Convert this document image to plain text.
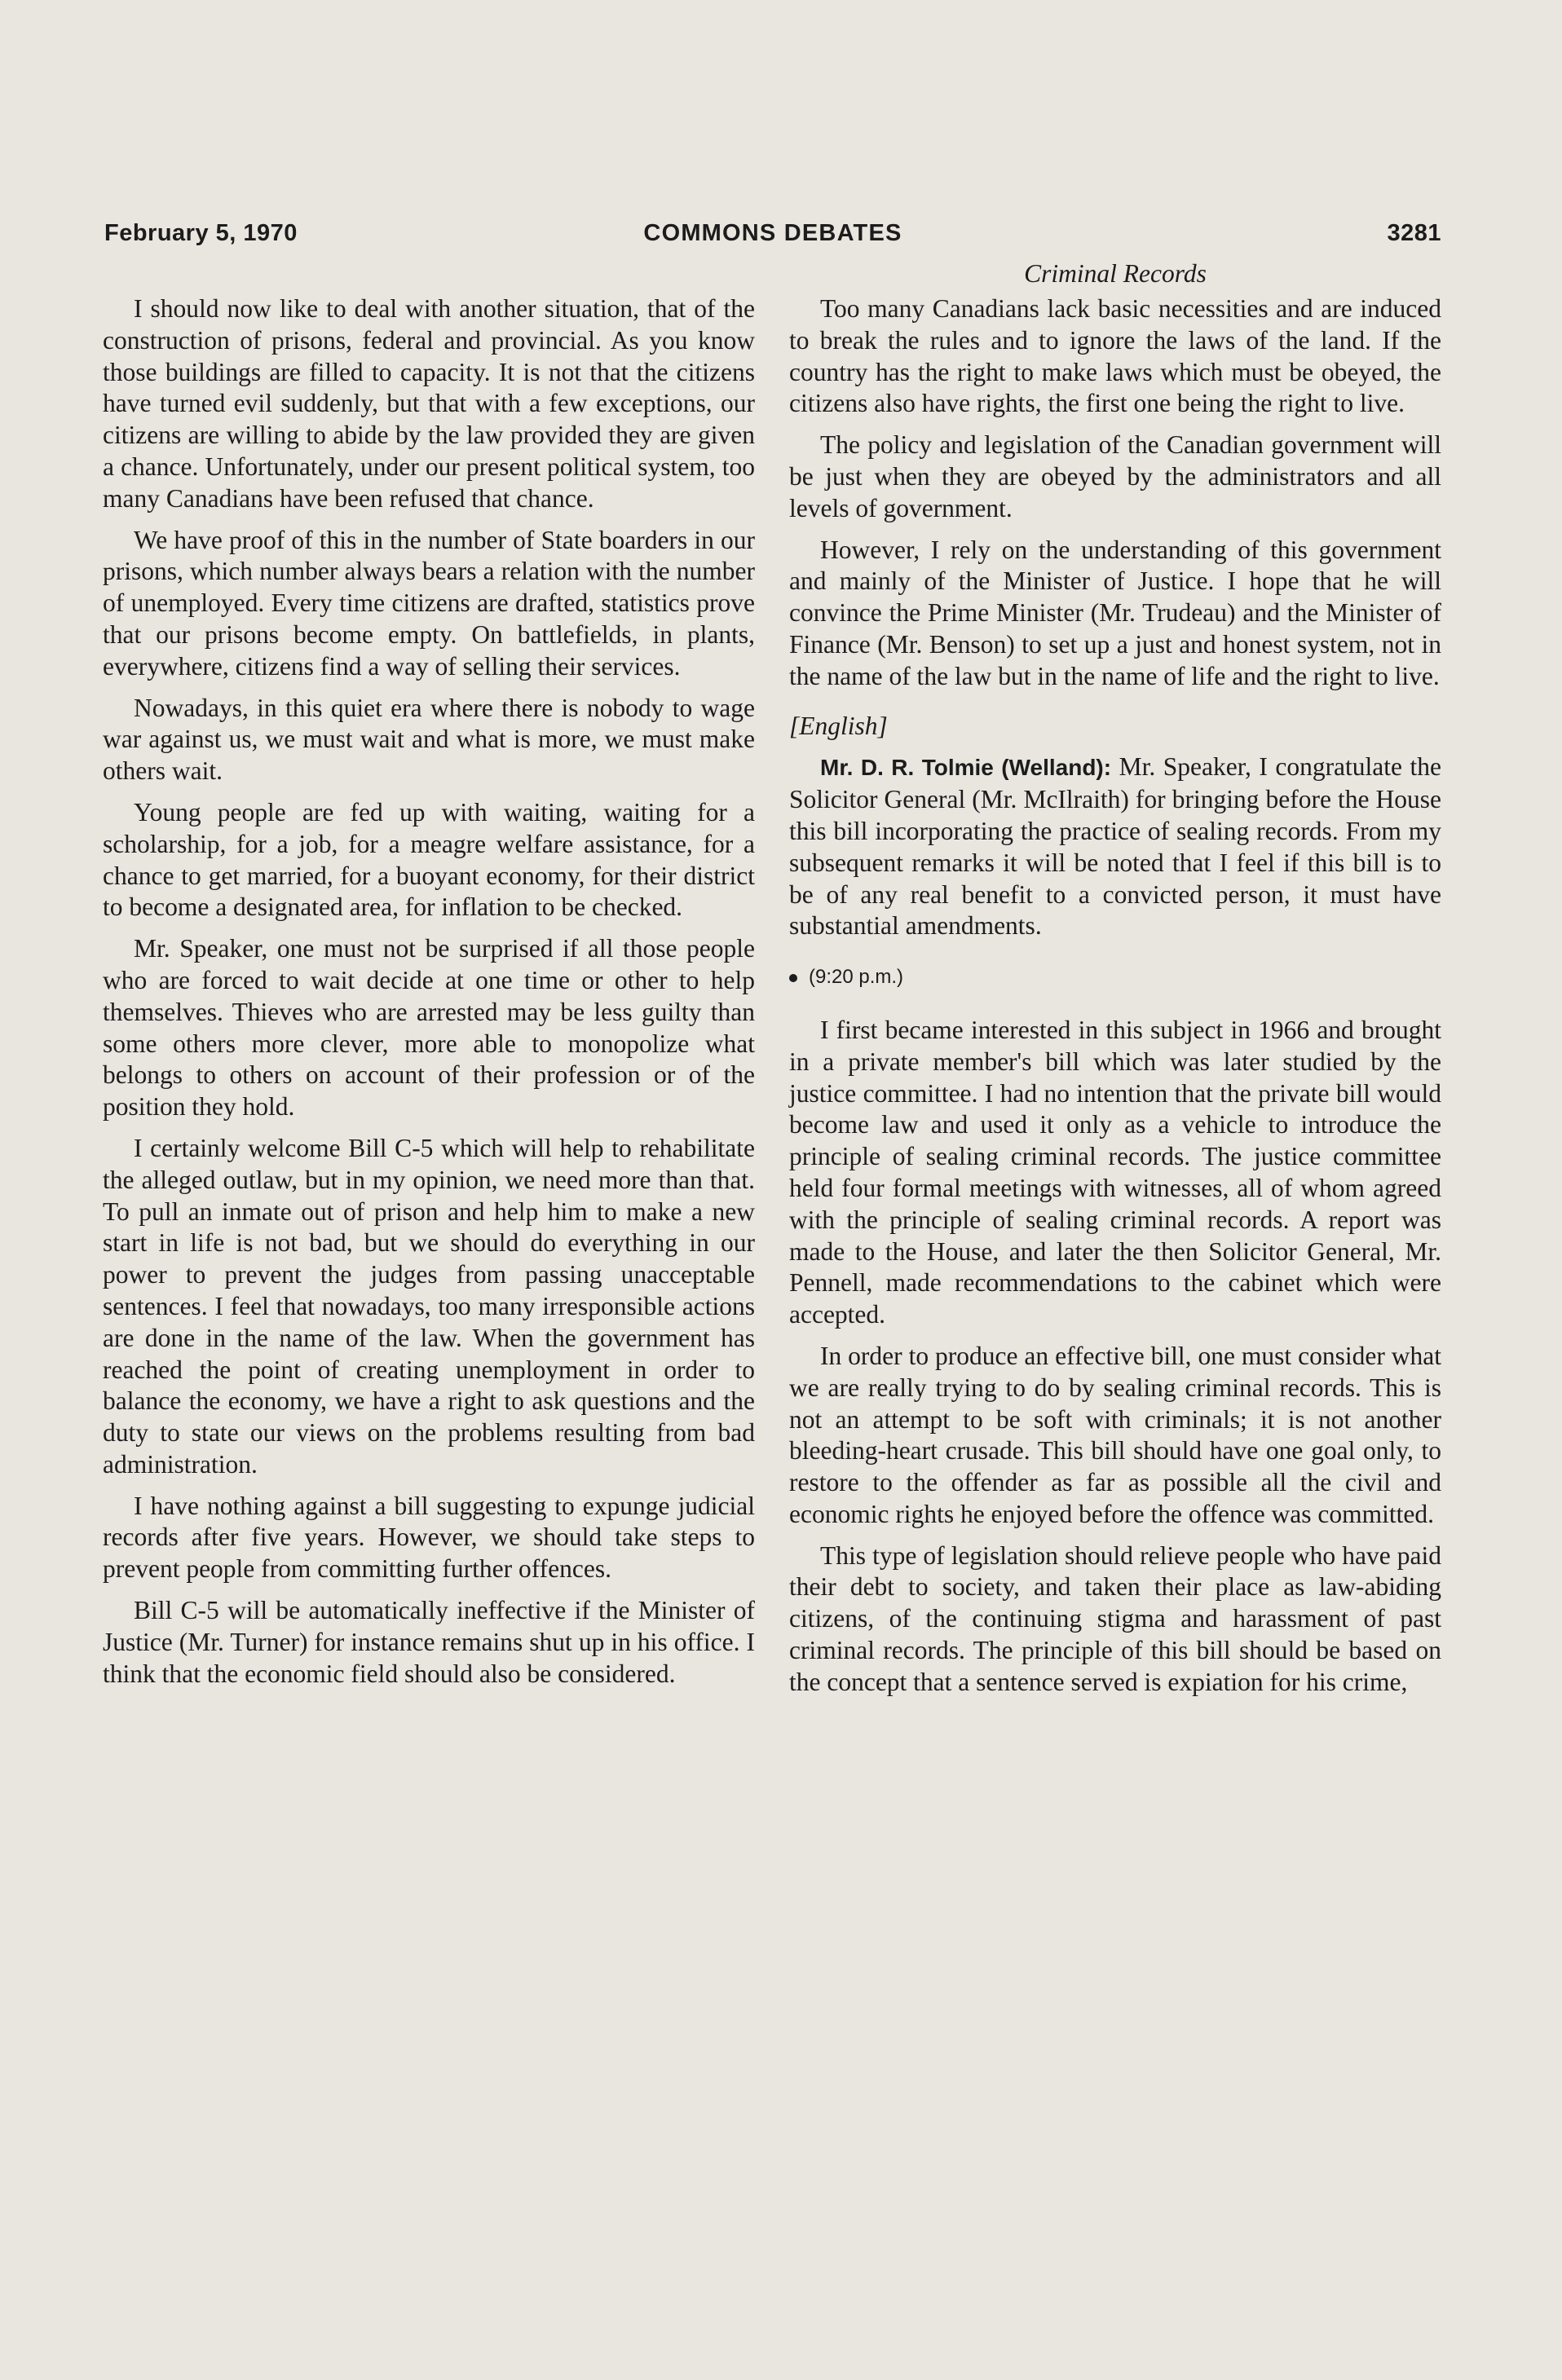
February 5, 1970	COMMONS DEBATES	3281

I should now like to deal with another situation, that of the construction of prisons, federal and provincial. As you know those buildings are filled to capacity. It is not that the citizens have turned evil suddenly, but that with a few exceptions, our citizens are willing to abide by the law provided they are given a chance. Unfortunately, under our present political system, too many Canadians have been refused that chance.

We have proof of this in the number of State boarders in our prisons, which number always bears a relation with the number of unemployed. Every time citizens are drafted, statistics prove that our prisons become empty. On battlefields, in plants, everywhere, citizens find a way of selling their services.

Nowadays, in this quiet era where there is nobody to wage war against us, we must wait and what is more, we must make others wait.

Young people are fed up with waiting, waiting for a scholarship, for a job, for a meagre welfare assistance, for a chance to get married, for a buoyant economy, for their district to become a designated area, for inflation to be checked.

Mr. Speaker, one must not be surprised if all those people who are forced to wait decide at one time or other to help themselves. Thieves who are arrested may be less guilty than some others more clever, more able to monopolize what belongs to others on account of their profession or of the position they hold.

I certainly welcome Bill C-5 which will help to rehabilitate the alleged outlaw, but in my opinion, we need more than that. To pull an inmate out of prison and help him to make a new start in life is not bad, but we should do everything in our power to prevent the judges from passing unacceptable sentences. I feel that nowadays, too many irresponsible actions are done in the name of the law. When the government has reached the point of creating unemployment in order to balance the economy, we have a right to ask questions and the duty to state our views on the problems resulting from bad administration.

I have nothing against a bill suggesting to expunge judicial records after five years. However, we should take steps to prevent people from committing further offences.

Bill C-5 will be automatically ineffective if the Minister of Justice (Mr. Turner) for instance remains shut up in his office. I think that the economic field should also be considered.

Criminal Records

Too many Canadians lack basic necessities and are induced to break the rules and to ignore the laws of the land. If the country has the right to make laws which must be obeyed, the citizens also have rights, the first one being the right to live.

The policy and legislation of the Canadian government will be just when they are obeyed by the administrators and all levels of government.

However, I rely on the understanding of this government and mainly of the Minister of Justice. I hope that he will convince the Prime Minister (Mr. Trudeau) and the Minister of Finance (Mr. Benson) to set up a just and honest system, not in the name of the law but in the name of life and the right to live.

[English]

Mr. D. R. Tolmie (Welland): Mr. Speaker, I congratulate the Solicitor General (Mr. McIlraith) for bringing before the House this bill incorporating the practice of sealing records. From my subsequent remarks it will be noted that I feel if this bill is to be of any real benefit to a convicted person, it must have substantial amendments.

(9:20 p.m.)

I first became interested in this subject in 1966 and brought in a private member's bill which was later studied by the justice committee. I had no intention that the private bill would become law and used it only as a vehicle to introduce the principle of sealing criminal records. The justice committee held four formal meetings with witnesses, all of whom agreed with the principle of sealing criminal records. A report was made to the House, and later the then Solicitor General, Mr. Pennell, made recommendations to the cabinet which were accepted.

In order to produce an effective bill, one must consider what we are really trying to do by sealing criminal records. This is not an attempt to be soft with criminals; it is not another bleeding-heart crusade. This bill should have one goal only, to restore to the offender as far as possible all the civil and economic rights he enjoyed before the offence was committed.

This type of legislation should relieve people who have paid their debt to society, and taken their place as law-abiding citizens, of the continuing stigma and harassment of past criminal records. The principle of this bill should be based on the concept that a sentence served is expiation for his crime,
